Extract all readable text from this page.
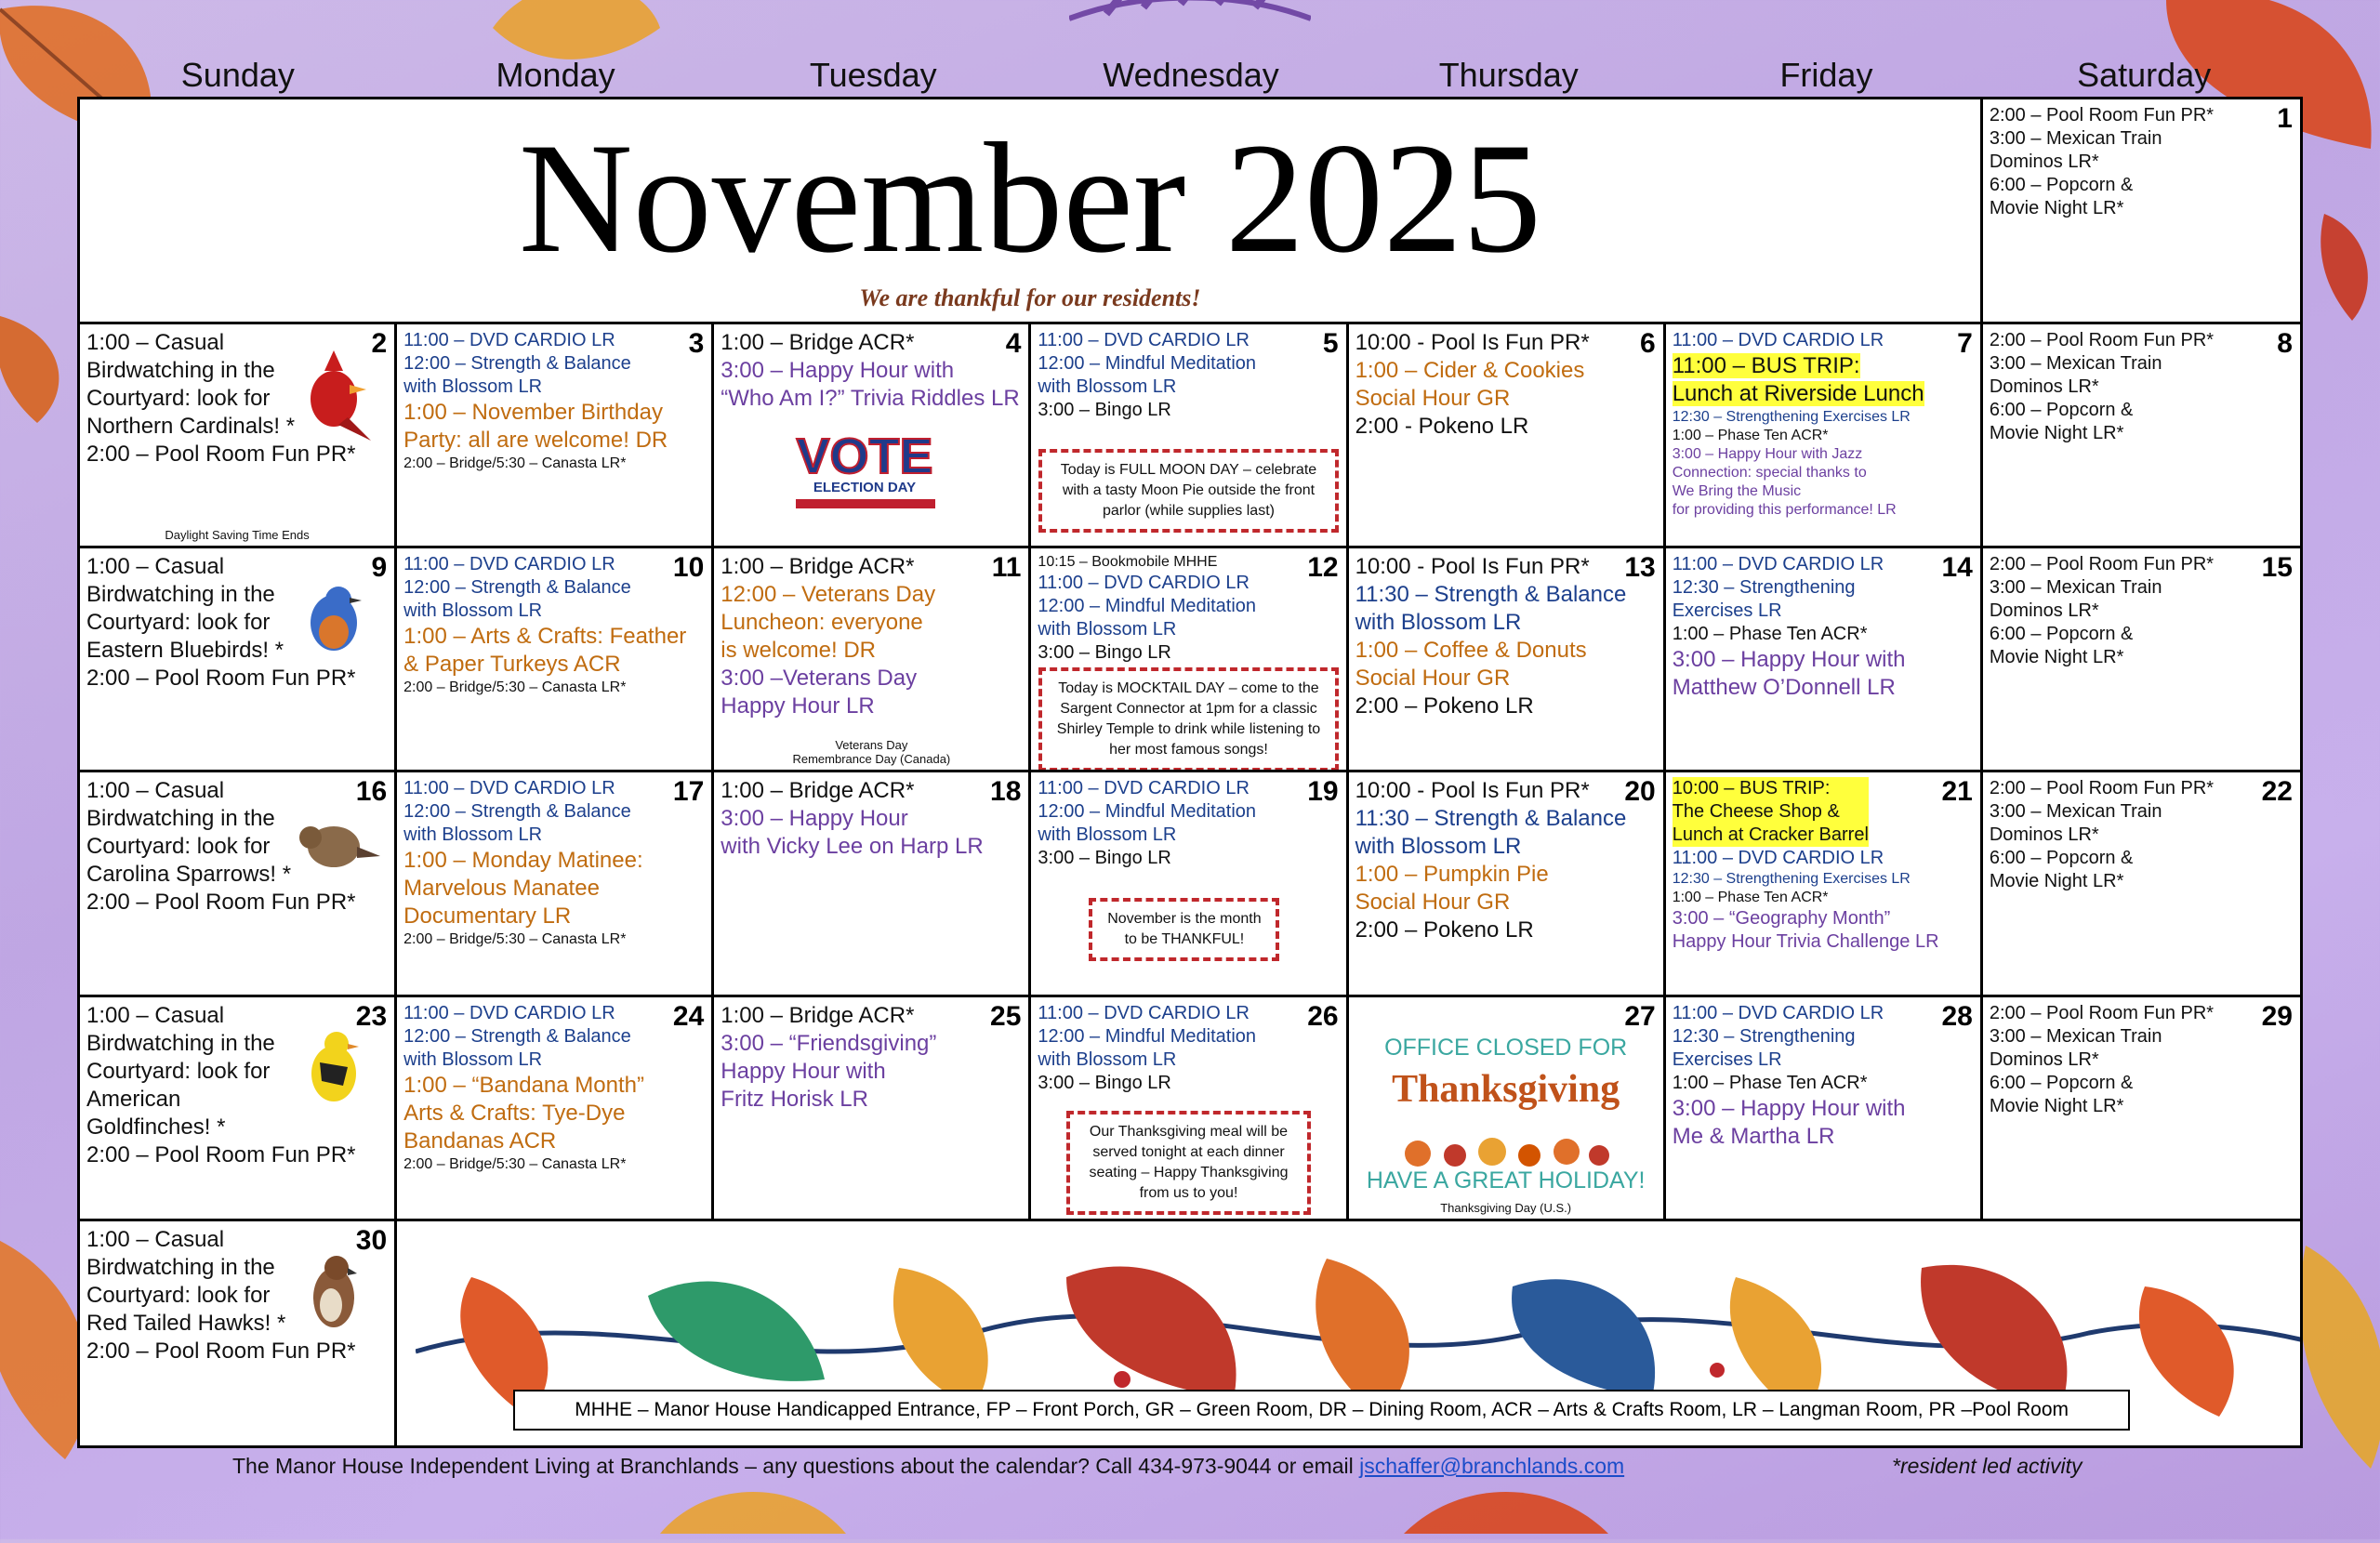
Sunday	Monday	Tuesday	Wednesday	Thursday	Friday	Saturday
November 2025
We are thankful for our residents!
1
2:00 – Pool Room Fun PR*
3:00 – Mexican Train
Dominos LR*
6:00 – Popcorn &
Movie Night LR*
2
1:00 – Casual
Birdwatching in the
Courtyard: look for
Northern Cardinals! *
2:00 – Pool Room Fun PR*
Daylight Saving Time Ends
3
11:00 – DVD CARDIO LR
12:00 – Strength & Balance
with Blossom LR
1:00 – November Birthday
Party: all are welcome! DR
2:00 – Bridge/5:30 – Canasta LR*
4
1:00 – Bridge ACR*
3:00 – Happy Hour with
“Who Am I?” Trivia Riddles LR
VOTE
ELECTION DAY
5
11:00 – DVD CARDIO LR
12:00 – Mindful Meditation
with Blossom LR
3:00 – Bingo LR
Today is FULL MOON DAY – celebrate with a tasty Moon Pie outside the front parlor (while supplies last)
6
10:00 - Pool Is Fun PR*
1:00 – Cider & Cookies
Social Hour GR
2:00 - Pokeno LR
7
11:00 – DVD CARDIO LR
11:00 – BUS TRIP:
Lunch at Riverside Lunch
12:30 – Strengthening Exercises LR
1:00 – Phase Ten ACR*
3:00 – Happy Hour with Jazz
Connection: special thanks to
We Bring the Music
for providing this performance! LR
8
2:00 – Pool Room Fun PR*
3:00 – Mexican Train
Dominos LR*
6:00 – Popcorn &
Movie Night LR*
9
1:00 – Casual
Birdwatching in the
Courtyard: look for
Eastern Bluebirds! *
2:00 – Pool Room Fun PR*
10
11:00 – DVD CARDIO LR
12:00 – Strength & Balance
with Blossom LR
1:00 – Arts & Crafts: Feather
& Paper Turkeys ACR
2:00 – Bridge/5:30 – Canasta LR*
11
1:00 – Bridge ACR*
12:00 – Veterans Day
Luncheon: everyone
is welcome! DR
3:00 –Veterans Day
Happy Hour LR
Veterans Day
Remembrance Day (Canada)
12
10:15 – Bookmobile MHHE
11:00 – DVD CARDIO LR
12:00 – Mindful Meditation
with Blossom LR
3:00 – Bingo LR
Today is MOCKTAIL DAY – come to the Sargent Connector at 1pm for a classic Shirley Temple to drink while listening to her most famous songs!
13
10:00 - Pool Is Fun PR*
11:30 – Strength & Balance
with Blossom LR
1:00 – Coffee & Donuts
Social Hour GR
2:00 – Pokeno LR
14
11:00 – DVD CARDIO LR
12:30 – Strengthening
Exercises LR
1:00 – Phase Ten ACR*
3:00 – Happy Hour with
Matthew O’Donnell LR
15
2:00 – Pool Room Fun PR*
3:00 – Mexican Train
Dominos LR*
6:00 – Popcorn &
Movie Night LR*
16
1:00 – Casual
Birdwatching in the
Courtyard: look for
Carolina Sparrows! *
2:00 – Pool Room Fun PR*
17
11:00 – DVD CARDIO LR
12:00 – Strength & Balance
with Blossom LR
1:00 – Monday Matinee:
Marvelous Manatee
Documentary LR
2:00 – Bridge/5:30 – Canasta LR*
18
1:00 – Bridge ACR*
3:00 – Happy Hour
with Vicky Lee on Harp LR
19
11:00 – DVD CARDIO LR
12:00 – Mindful Meditation
with Blossom LR
3:00 – Bingo LR
November is the month to be THANKFUL!
20
10:00 - Pool Is Fun PR*
11:30 – Strength & Balance
with Blossom LR
1:00 – Pumpkin Pie
Social Hour GR
2:00 – Pokeno LR
21
10:00 – BUS TRIP:
The Cheese Shop &
Lunch at Cracker Barrel
11:00 – DVD CARDIO LR
12:30 – Strengthening Exercises LR
1:00 – Phase Ten ACR*
3:00 – “Geography Month”
Happy Hour Trivia Challenge LR
22
2:00 – Pool Room Fun PR*
3:00 – Mexican Train
Dominos LR*
6:00 – Popcorn &
Movie Night LR*
23
1:00 – Casual
Birdwatching in the
Courtyard: look for
American Goldfinches! *
2:00 – Pool Room Fun PR*
24
11:00 – DVD CARDIO LR
12:00 – Strength & Balance
with Blossom LR
1:00 – “Bandana Month”
Arts & Crafts: Tye-Dye
Bandanas ACR
2:00 – Bridge/5:30 – Canasta LR*
25
1:00 – Bridge ACR*
3:00 – “Friendsgiving”
Happy Hour with
Fritz Horisk LR
26
11:00 – DVD CARDIO LR
12:00 – Mindful Meditation
with Blossom LR
3:00 – Bingo LR
Our Thanksgiving meal will be served tonight at each dinner seating – Happy Thanksgiving from us to you!
27
OFFICE CLOSED FOR
Thanksgiving
HAVE A GREAT HOLIDAY!
Thanksgiving Day (U.S.)
28
11:00 – DVD CARDIO LR
12:30 – Strengthening
Exercises LR
1:00 – Phase Ten ACR*
3:00 – Happy Hour with
Me & Martha LR
29
2:00 – Pool Room Fun PR*
3:00 – Mexican Train
Dominos LR*
6:00 – Popcorn &
Movie Night LR*
30
1:00 – Casual
Birdwatching in the
Courtyard: look for
Red Tailed Hawks! *
2:00 – Pool Room Fun PR*
MHHE – Manor House Handicapped Entrance, FP – Front Porch, GR – Green Room, DR – Dining Room, ACR – Arts & Crafts Room, LR – Langman Room, PR –Pool Room
The Manor House Independent Living at Branchlands – any questions about the calendar? Call 434-973-9044 or email jschaffer@branchlands.com	*resident led activity
